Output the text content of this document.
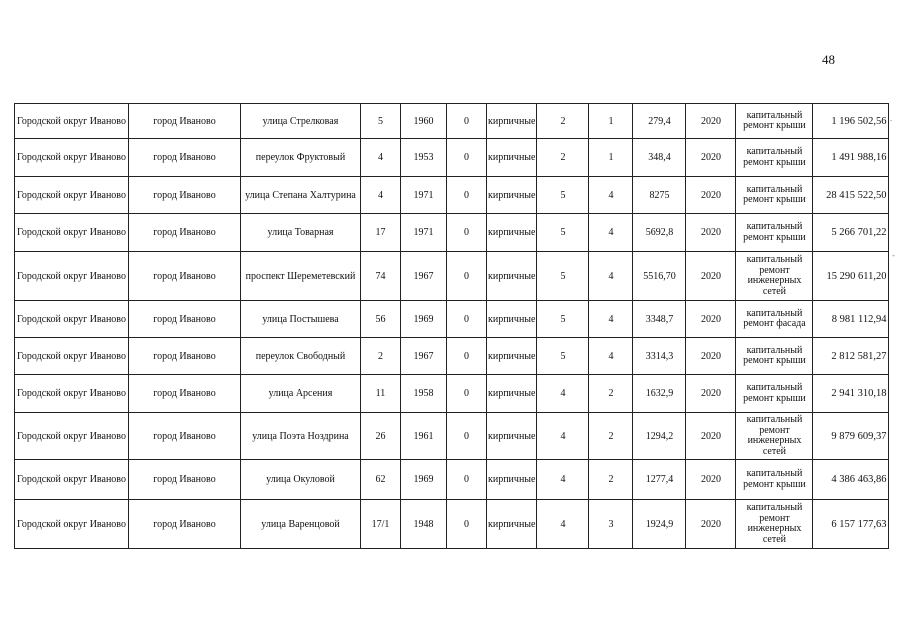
48
Городской округ Иваново	город Иваново	улица Стрелковая	5	1960	0	кирпичные	2	1	279,4	2020	капитальный ремонт крыши	1 196 502,56
Городской округ Иваново	город Иваново	переулок Фруктовый	4	1953	0	кирпичные	2	1	348,4	2020	капитальный ремонт крыши	1 491 988,16
Городской округ Иваново	город Иваново	улица Степана Халтурина	4	1971	0	кирпичные	5	4	8275	2020	капитальный ремонт крыши	28 415 522,50
Городской округ Иваново	город Иваново	улица Товарная	17	1971	0	кирпичные	5	4	5692,8	2020	капитальный ремонт крыши	5 266 701,22
Городской округ Иваново	город Иваново	проспект Шереметевский	74	1967	0	кирпичные	5	4	5516,70	2020	капитальный ремонт инженерных сетей	15 290 611,20
Городской округ Иваново	город Иваново	улица Постышева	56	1969	0	кирпичные	5	4	3348,7	2020	капитальный ремонт фасада	8 981 112,94
Городской округ Иваново	город Иваново	переулок Свободный	2	1967	0	кирпичные	5	4	3314,3	2020	капитальный ремонт крыши	2 812 581,27
Городской округ Иваново	город Иваново	улица Арсения	11	1958	0	кирпичные	4	2	1632,9	2020	капитальный ремонт крыши	2 941 310,18
Городской округ Иваново	город Иваново	улица Поэта Ноздрина	26	1961	0	кирпичные	4	2	1294,2	2020	капитальный ремонт инженерных сетей	9 879 609,37
Городской округ Иваново	город Иваново	улица Окуловой	62	1969	0	кирпичные	4	2	1277,4	2020	капитальный ремонт крыши	4 386 463,86
Городской округ Иваново	город Иваново	улица Варенцовой	17/1	1948	0	кирпичные	4	3	1924,9	2020	капитальный ремонт инженерных сетей	6 157 177,63
.
-
